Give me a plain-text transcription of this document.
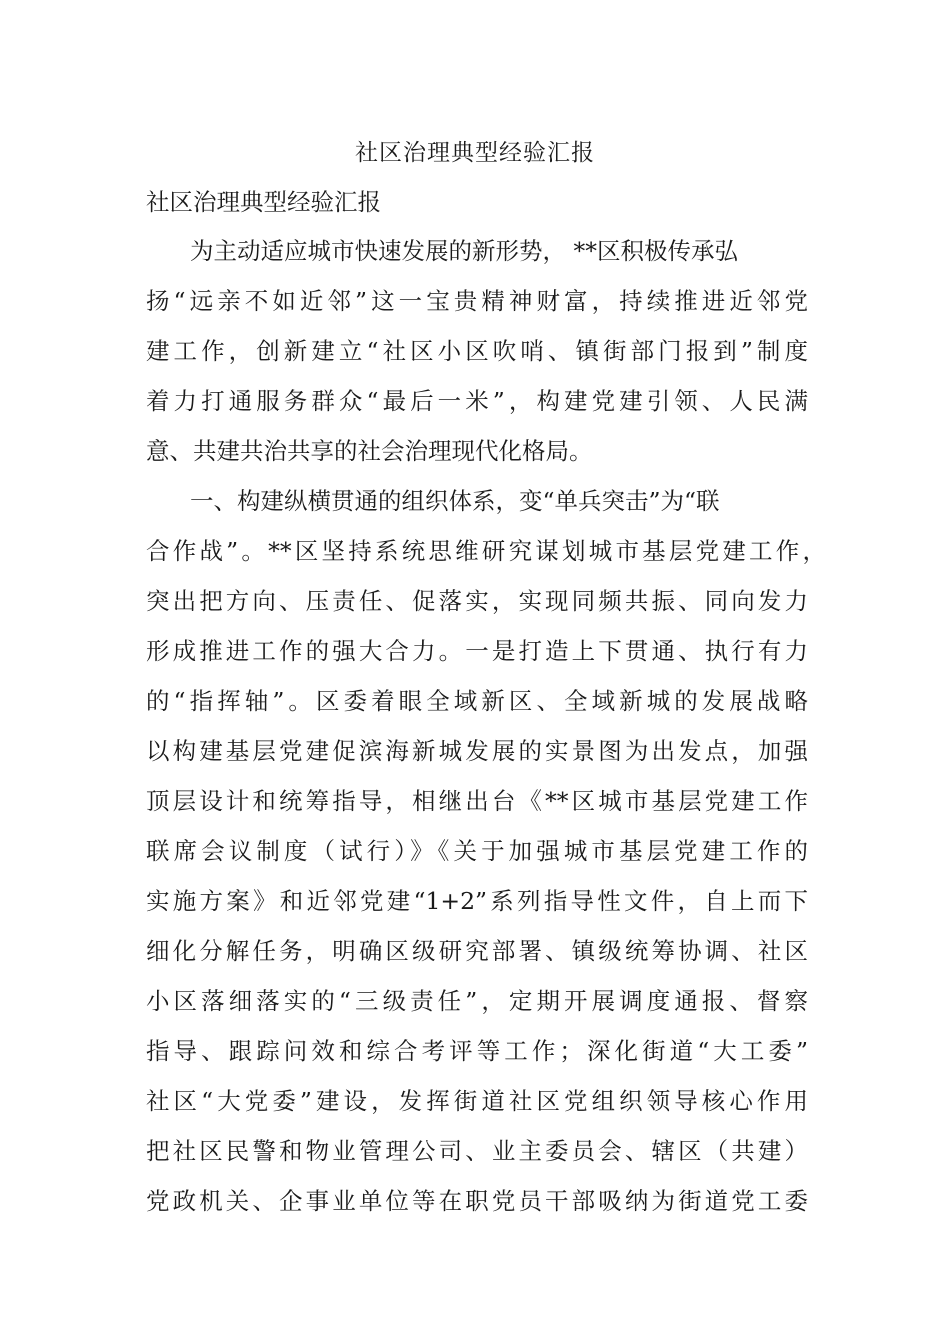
社区治理典型经验汇报
社区治理典型经验汇报
为主动适应城市快速发展的新形势， **区积极传承弘
扬“远亲不如近邻”这一宝贵精神财富，持续推进近邻党
建工作，创新建立“社区小区吹哨、镇街部门报到”制度
着力打通服务群众“最后一米”，构建党建引领、人民满
意、共建共治共享的社会治理现代化格局。
一、构建纵横贯通的组织体系，变“单兵突击”为“联
合作战”。**区坚持系统思维研究谋划城市基层党建工作，
突出把方向、压责任、促落实，实现同频共振、同向发力
形成推进工作的强大合力。一是打造上下贯通、执行有力
的“指挥轴”。区委着眼全域新区、全域新城的发展战略
以构建基层党建促滨海新城发展的实景图为出发点，加强
顶层设计和统筹指导，相继出台《**区城市基层党建工作
联席会议制度（试行）》《关于加强城市基层党建工作的
实施方案》和近邻党建“1+2”系列指导性文件，自上而下
细化分解任务，明确区级研究部署、镇级统筹协调、社区
小区落细落实的“三级责任”，定期开展调度通报、督察
指导、跟踪问效和综合考评等工作；深化街道“大工委”
社区“大党委”建设，发挥街道社区党组织领导核心作用
把社区民警和物业管理公司、业主委员会、辖区（共建）
党政机关、企事业单位等在职党员干部吸纳为街道党工委
